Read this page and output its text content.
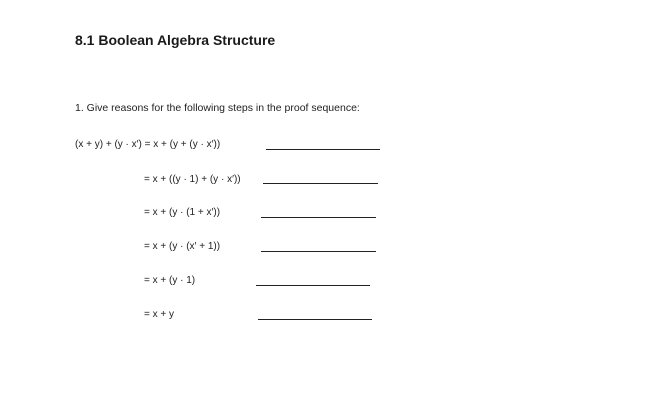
8.1 Boolean Algebra Structure
1. Give reasons for the following steps in the proof sequence:
(x + y) + (y · x′) = x + (y + (y · x′))
= x + ((y · 1) + (y · x′))
= x + (y · (1 + x′))
= x + (y · (x′ + 1))
= x + (y · 1)
= x + y
